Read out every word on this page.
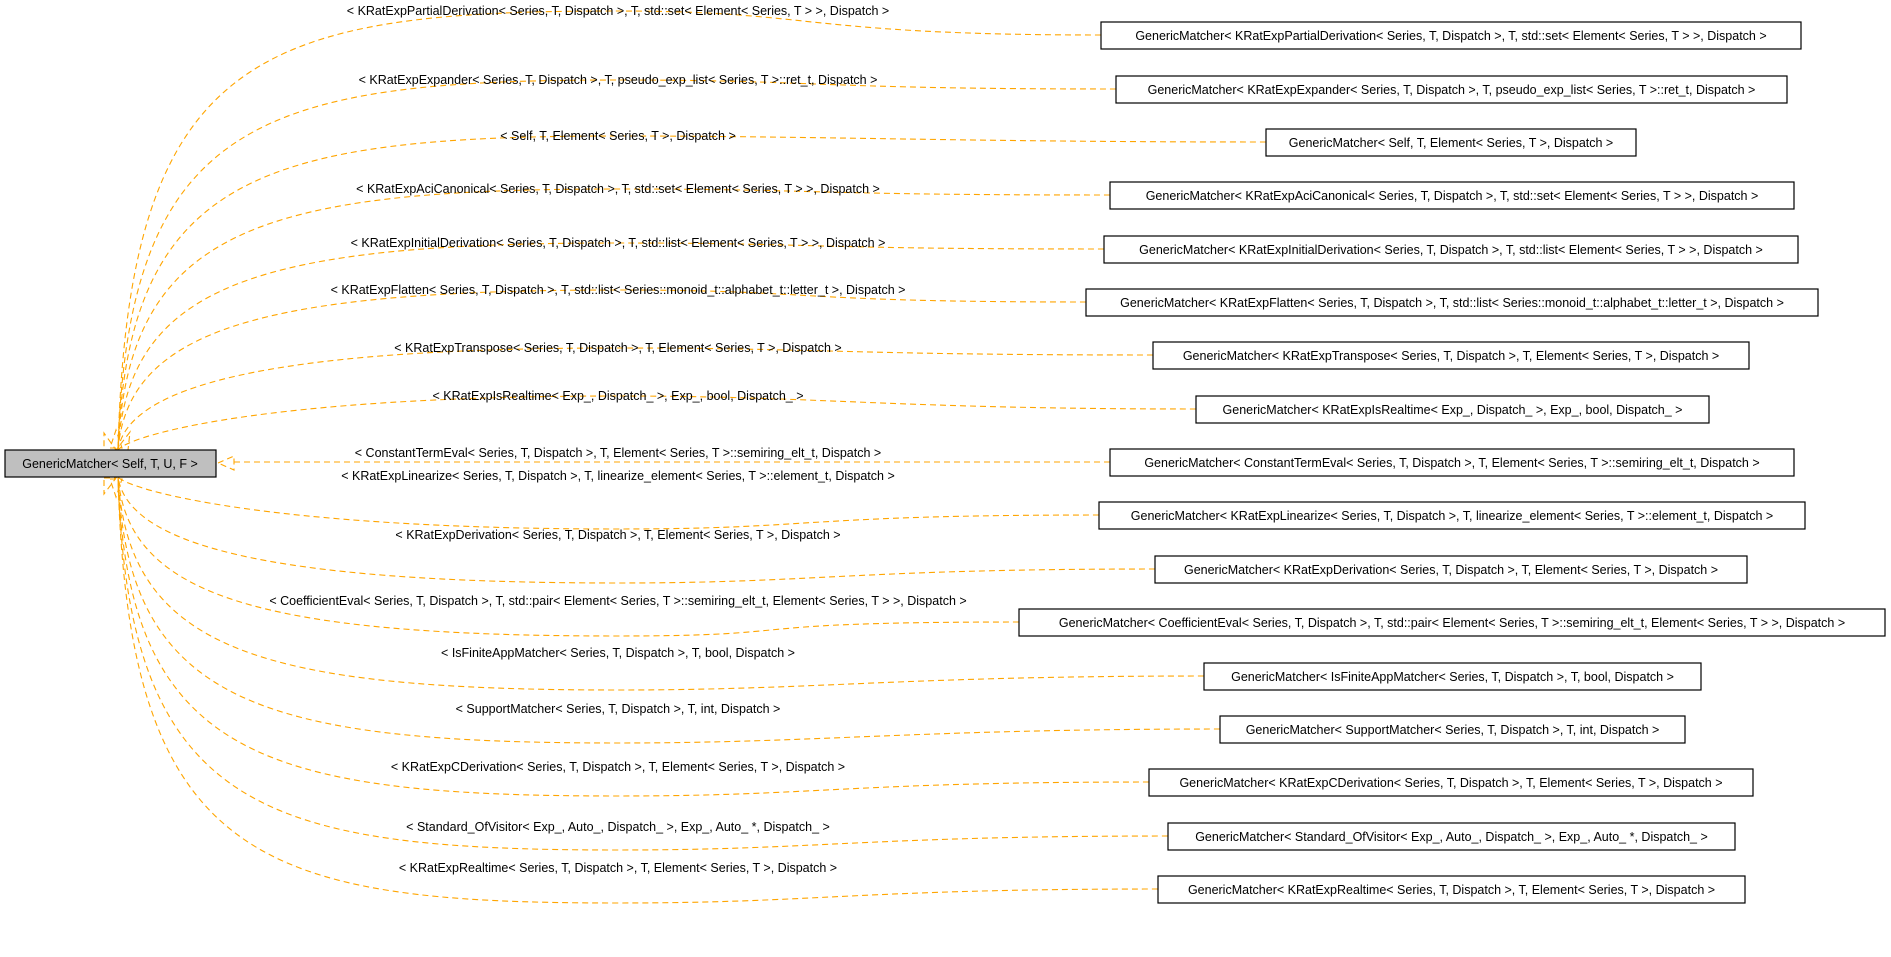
< KRatExpPartialDerivation< Series, T, Dispatch >, T, std::set< Element< Series, T > >, Dispatch >
< KRatExpExpander< Series, T, Dispatch >, T, pseudo_exp_list< Series, T >::ret_t, Dispatch >
< Self, T, Element< Series, T >, Dispatch >
< KRatExpAciCanonical< Series, T, Dispatch >, T, std::set< Element< Series, T > >, Dispatch >
< KRatExpInitialDerivation< Series, T, Dispatch >, T, std::list< Element< Series, T > >, Dispatch >
< KRatExpFlatten< Series, T, Dispatch >, T, std::list< Series::monoid_t::alphabet_t::letter_t >, Dispatch >
< KRatExpTranspose< Series, T, Dispatch >, T, Element< Series, T >, Dispatch >
< KRatExpIsRealtime< Exp_, Dispatch_ >, Exp_, bool, Dispatch_ >
< ConstantTermEval< Series, T, Dispatch >, T, Element< Series, T >::semiring_elt_t, Dispatch >
< KRatExpLinearize< Series, T, Dispatch >, T, linearize_element< Series, T >::element_t, Dispatch >
< KRatExpDerivation< Series, T, Dispatch >, T, Element< Series, T >, Dispatch >
< CoefficientEval< Series, T, Dispatch >, T, std::pair< Element< Series, T >::semiring_elt_t, Element< Series, T > >, Dispatch >
< IsFiniteAppMatcher< Series, T, Dispatch >, T, bool, Dispatch >
< SupportMatcher< Series, T, Dispatch >, T, int, Dispatch >
< KRatExpCDerivation< Series, T, Dispatch >, T, Element< Series, T >, Dispatch >
< Standard_OfVisitor< Exp_, Auto_, Dispatch_ >, Exp_, Auto_ *, Dispatch_ >
< KRatExpRealtime< Series, T, Dispatch >, T, Element< Series, T >, Dispatch >
GenericMatcher< Self, T, U, F >
GenericMatcher< KRatExpPartialDerivation< Series, T, Dispatch >, T, std::set< Element< Series, T > >, Dispatch >
GenericMatcher< KRatExpExpander< Series, T, Dispatch >, T, pseudo_exp_list< Series, T >::ret_t, Dispatch >
GenericMatcher< Self, T, Element< Series, T >, Dispatch >
GenericMatcher< KRatExpAciCanonical< Series, T, Dispatch >, T, std::set< Element< Series, T > >, Dispatch >
GenericMatcher< KRatExpInitialDerivation< Series, T, Dispatch >, T, std::list< Element< Series, T > >, Dispatch >
GenericMatcher< KRatExpFlatten< Series, T, Dispatch >, T, std::list< Series::monoid_t::alphabet_t::letter_t >, Dispatch >
GenericMatcher< KRatExpTranspose< Series, T, Dispatch >, T, Element< Series, T >, Dispatch >
GenericMatcher< KRatExpIsRealtime< Exp_, Dispatch_ >, Exp_, bool, Dispatch_ >
GenericMatcher< ConstantTermEval< Series, T, Dispatch >, T, Element< Series, T >::semiring_elt_t, Dispatch >
GenericMatcher< KRatExpLinearize< Series, T, Dispatch >, T, linearize_element< Series, T >::element_t, Dispatch >
GenericMatcher< KRatExpDerivation< Series, T, Dispatch >, T, Element< Series, T >, Dispatch >
GenericMatcher< CoefficientEval< Series, T, Dispatch >, T, std::pair< Element< Series, T >::semiring_elt_t, Element< Series, T > >, Dispatch >
GenericMatcher< IsFiniteAppMatcher< Series, T, Dispatch >, T, bool, Dispatch >
GenericMatcher< SupportMatcher< Series, T, Dispatch >, T, int, Dispatch >
GenericMatcher< KRatExpCDerivation< Series, T, Dispatch >, T, Element< Series, T >, Dispatch >
GenericMatcher< Standard_OfVisitor< Exp_, Auto_, Dispatch_ >, Exp_, Auto_ *, Dispatch_ >
GenericMatcher< KRatExpRealtime< Series, T, Dispatch >, T, Element< Series, T >, Dispatch >
